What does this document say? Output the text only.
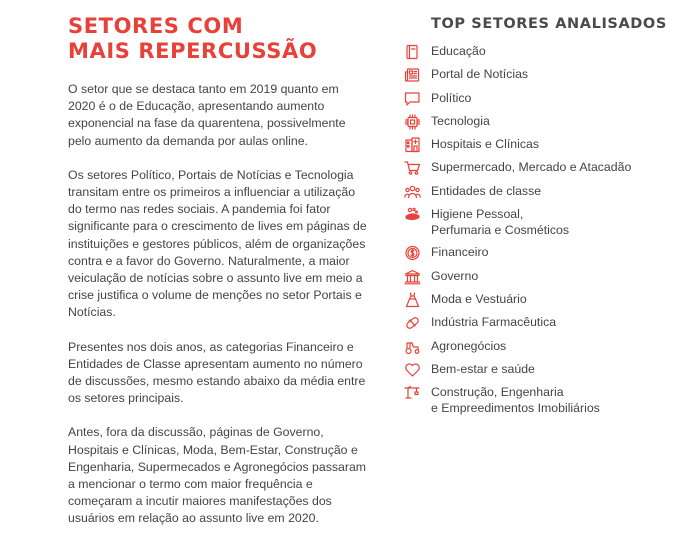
SETORES COM
MAIS REPERCUSSÃO

O setor que se destaca tanto em 2019 quanto em 2020 é o de Educação, apresentando aumento exponencial na fase da quarentena, possivelmente pelo aumento da demanda por aulas online.

Os setores Político, Portais de Notícias e Tecnologia transitam entre os primeiros a influenciar a utilização do termo nas redes sociais. A pandemia foi fator significante para o crescimento de lives em páginas de instituições e gestores públicos, além de organizações contra e a favor do Governo. Naturalmente, a maior veiculação de notícias sobre o assunto live em meio a crise justifica o volume de menções no setor Portais e Notícias.

Presentes nos dois anos, as categorias Financeiro e Entidades de Classe apresentam aumento no número de discussões, mesmo estando abaixo da média entre os setores principais.

Antes, fora da discussão, páginas de Governo, Hospitais e Clínicas, Moda, Bem-Estar, Construção e Engenharia, Supermecados e Agronegócios passaram a mencionar o termo com maior frequência e começaram a incutir maiores manifestações dos usuários em relação ao assunto live em 2020.

TOP SETORES ANALISADOS
Educação
Portal de Notícias
Político
Tecnologia
Hospitais e Clínicas
Supermercado, Mercado e Atacadão
Entidades de classe
Higiene Pessoal,
Perfumaria e Cosméticos
Financeiro
Governo
Moda e Vestuário
Indústria Farmacêutica
Agronegócios
Bem-estar e saúde
Construção, Engenharia
e Empreedimentos Imobiliários
